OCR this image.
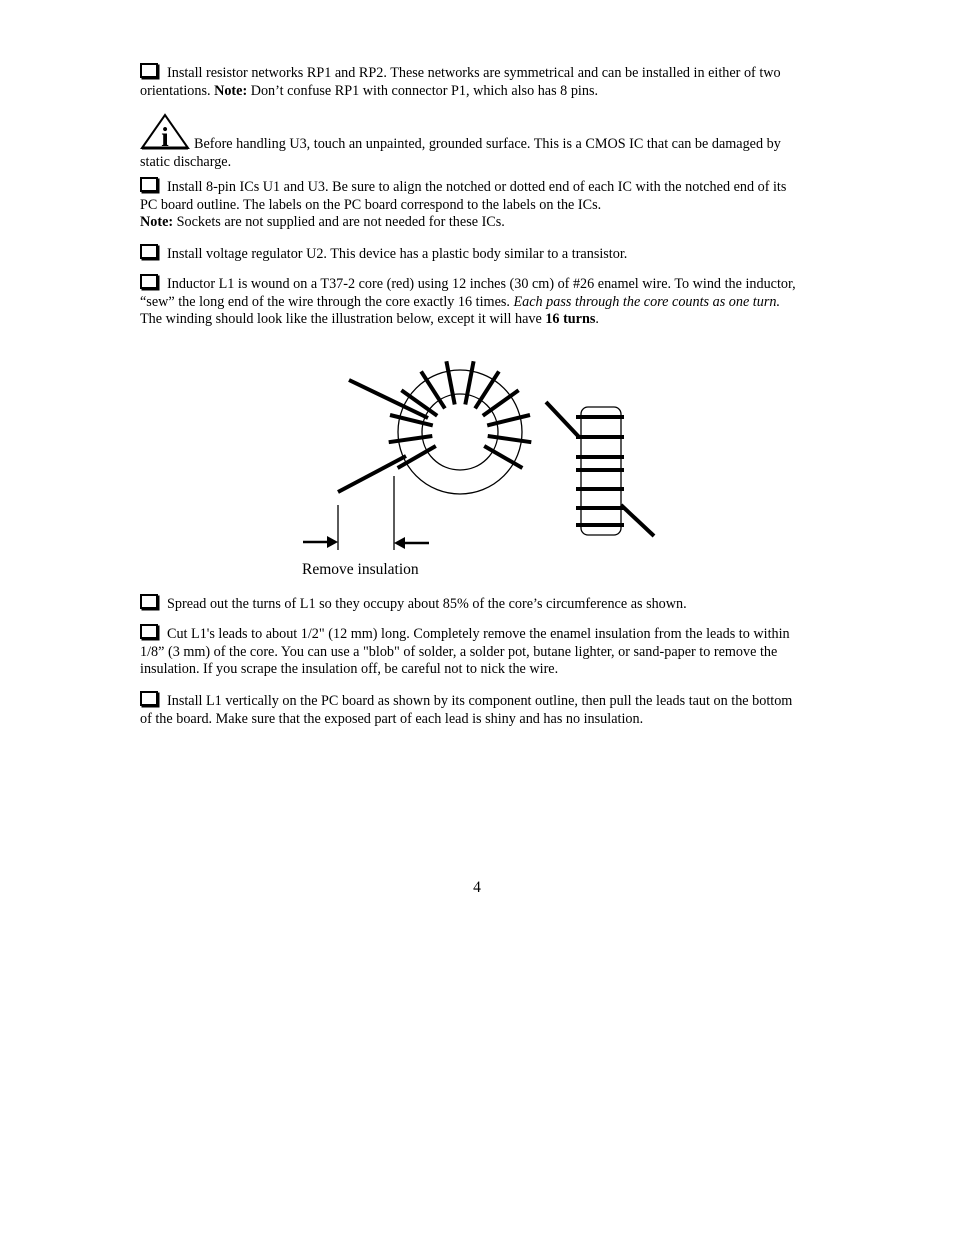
Install resistor networks RP1 and RP2. These networks are symmetrical and can be installed in either of two orientations. Note: Don’t confuse RP1 with connector P1, which also has 8 pins.
i Before handling U3, touch an unpainted, grounded surface. This is a CMOS IC that can be damaged by static discharge.
Install 8-pin ICs U1 and U3. Be sure to align the notched or dotted end of each IC with the notched end of its PC board outline. The labels on the PC board correspond to the labels on the ICs.
Note: Sockets are not supplied and are not needed for these ICs.
Install voltage regulator U2. This device has a plastic body similar to a transistor.
Inductor L1 is wound on a T37-2 core (red) using 12 inches (30 cm) of #26 enamel wire. To wind the inductor, “sew” the long end of the wire through the core exactly 16 times. Each pass through the core counts as one turn. The winding should look like the illustration below, except it will have 16 turns.
Remove insulation
Spread out the turns of L1 so they occupy about 85% of the core’s circumference as shown.
Cut L1's leads to about 1/2" (12 mm) long. Completely remove the enamel insulation from the leads to within 1/8” (3 mm) of the core. You can use a "blob" of solder, a solder pot, butane lighter, or sand-paper to remove the insulation. If you scrape the insulation off, be careful not to nick the wire.
Install L1 vertically on the PC board as shown by its component outline, then pull the leads taut on the bottom of the board. Make sure that the exposed part of each lead is shiny and has no insulation.
4
